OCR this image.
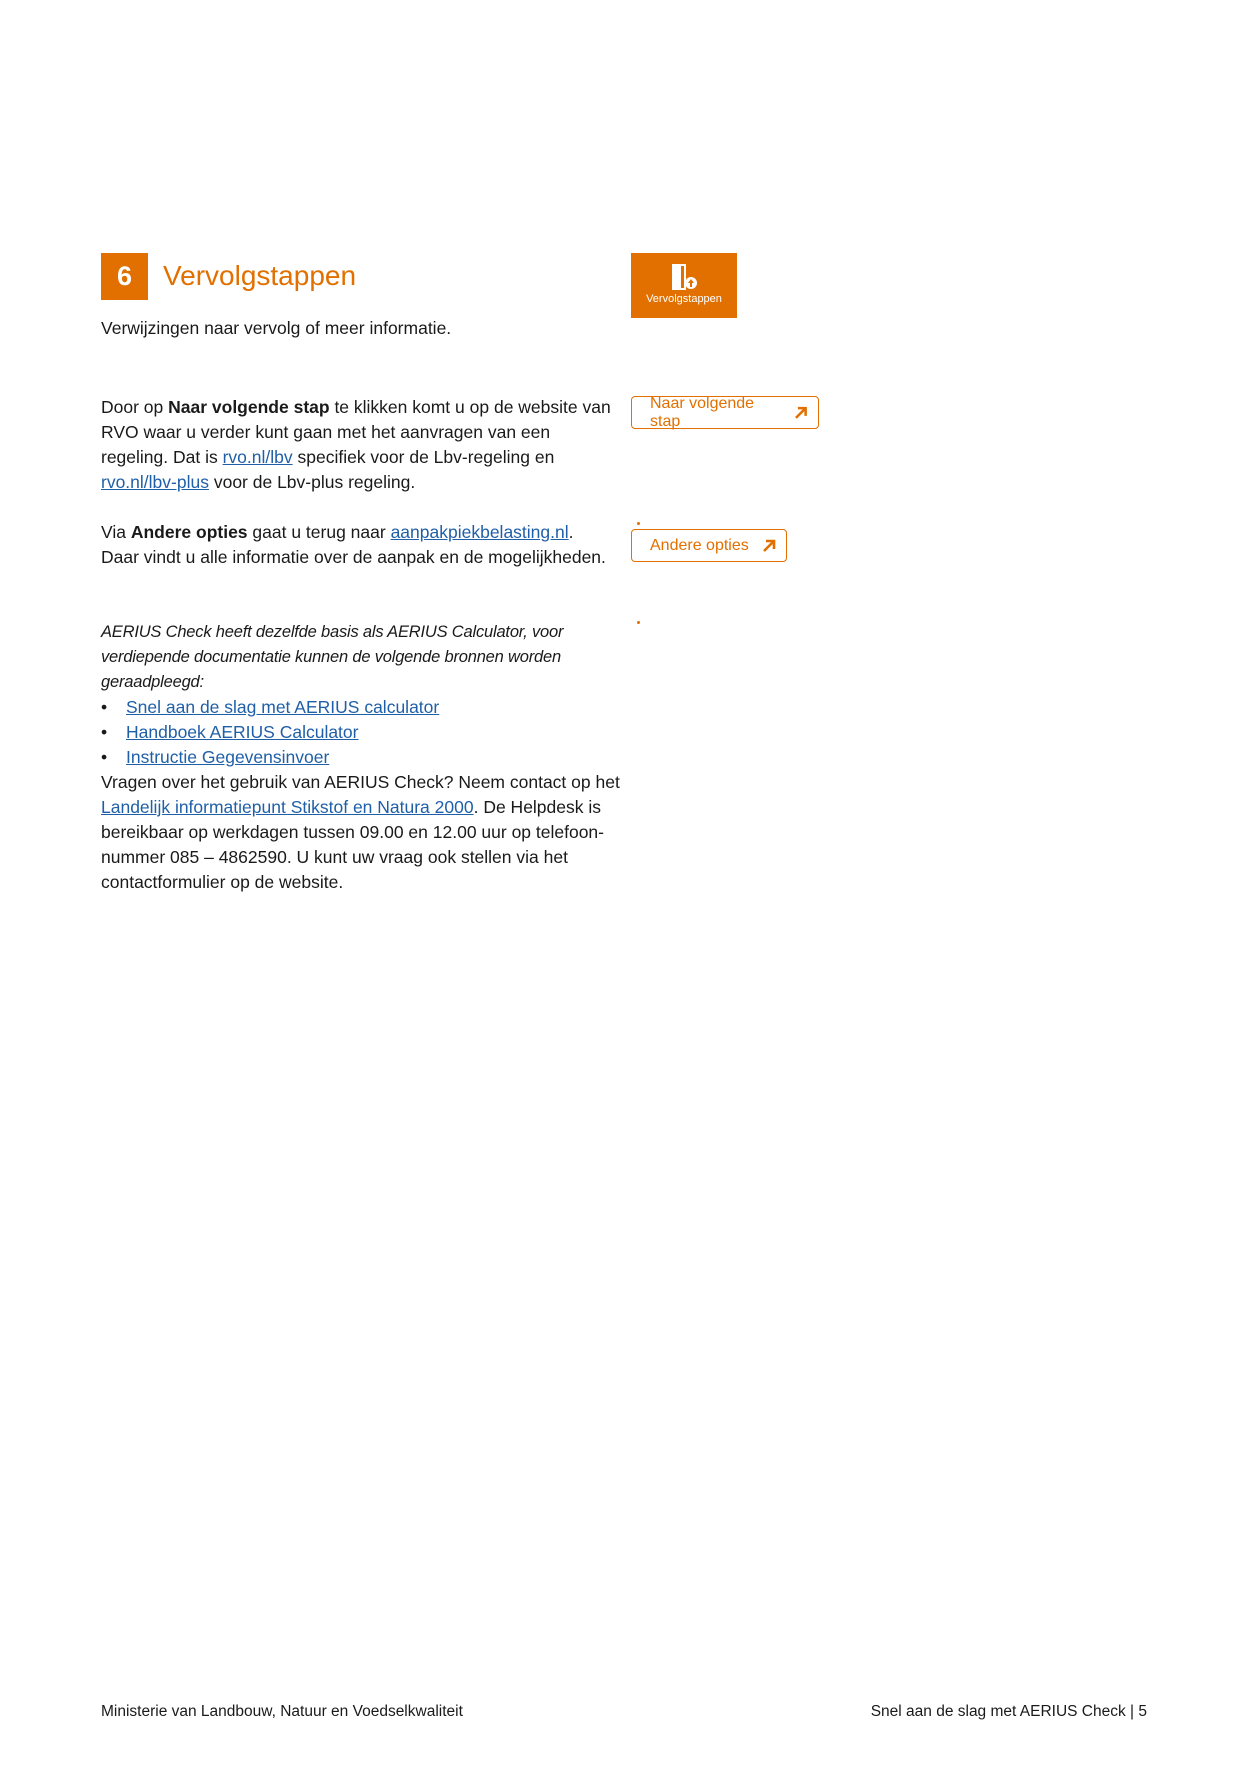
6	Vervolgstappen
Verwijzingen naar vervolg of meer informatie.
Vervolgstappen

Door op Naar volgende stap te klikken komt u op de website van RVO waar u verder kunt gaan met het aanvragen van een regeling. Dat is rvo.nl/lbv specifiek voor de Lbv-regeling en rvo.nl/lbv-plus voor de Lbv-plus regeling.

Naar volgende stap

Via Andere opties gaat u terug naar aanpakpiekbelasting.nl.
Daar vindt u alle informatie over de aanpak en de mogelijkheden.

Andere opties

AERIUS Check heeft dezelfde basis als AERIUS Calculator, voor verdiepende documentatie kunnen de volgende bronnen worden geraadpleegd:

• Snel aan de slag met AERIUS calculator
• Handboek AERIUS Calculator
• Instructie Gegevensinvoer

Vragen over het gebruik van AERIUS Check? Neem contact op het Landelijk informatiepunt Stikstof en Natura 2000. De Helpdesk is bereikbaar op werkdagen tussen 09.00 en 12.00 uur op telefoon-nummer 085 – 4862590. U kunt uw vraag ook stellen via het contactformulier op de website.

Ministerie van Landbouw, Natuur en Voedselkwaliteit	Snel aan de slag met AERIUS Check | 5
